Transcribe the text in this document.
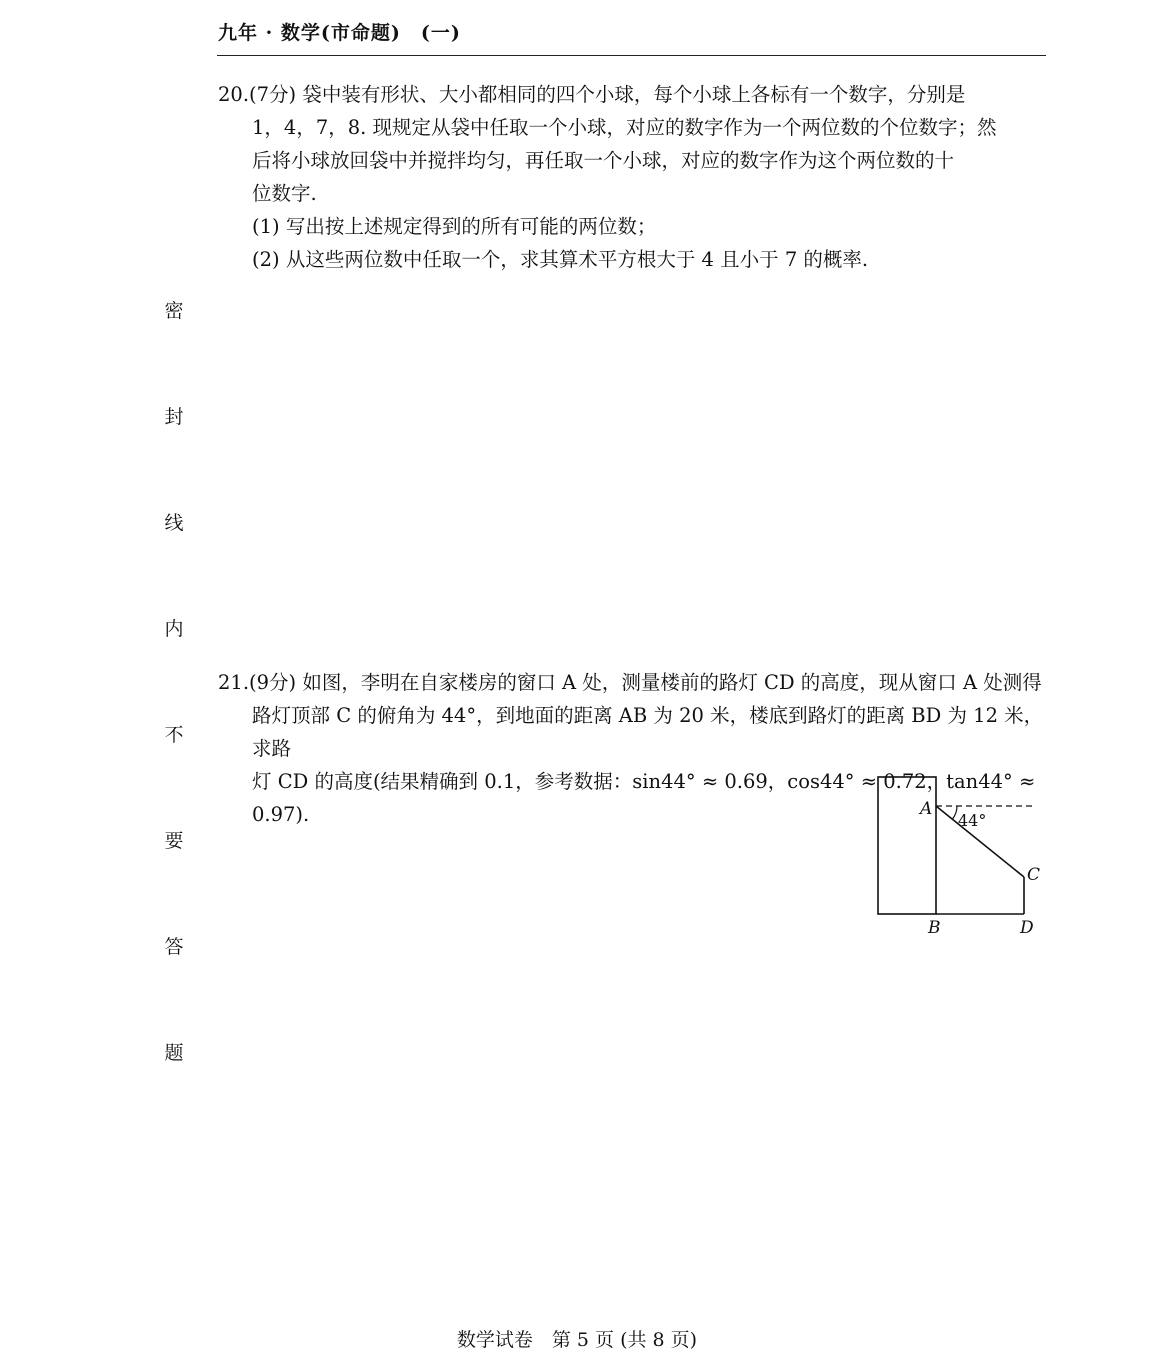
九年 · 数学(市命题)　(一)
密
封
线
内
不
要
答
题
20.(7分) 袋中装有形状、大小都相同的四个小球，每个小球上各标有一个数字，分别是
1，4，7，8. 现规定从袋中任取一个小球，对应的数字作为一个两位数的个位数字；然
后将小球放回袋中并搅拌均匀，再任取一个小球，对应的数字作为这个两位数的十
位数字.
(1) 写出按上述规定得到的所有可能的两位数；
(2) 从这些两位数中任取一个，求其算术平方根大于 4 且小于 7 的概率.
21.(9分) 如图，李明在自家楼房的窗口 A 处，测量楼前的路灯 CD 的高度，现从窗口 A 处测得
路灯顶部 C 的俯角为 44°，到地面的距离 AB 为 20 米，楼底到路灯的距离 BD 为 12 米，求路
灯 CD 的高度(结果精确到 0.1，参考数据：sin44° ≈ 0.69，cos44° ≈ 0.72，tan44° ≈ 0.97).	A
B
C
D
44°
数学试卷　第 5 页 (共 8 页)
